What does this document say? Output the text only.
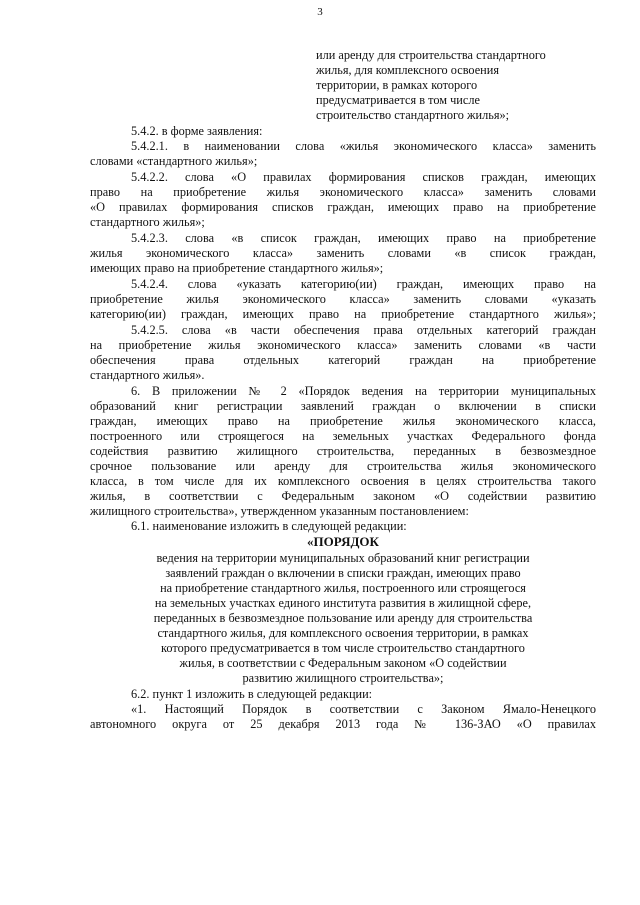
3
или аренду для строительства стандартного
жилья, для комплексного освоения
территории, в рамках которого
предусматривается в том числе
строительство стандартного жилья»;
5.4.2. в форме заявления:
5.4.2.1. в наименовании слова «жилья экономического класса» заменить
словами «стандартного жилья»;
5.4.2.2. слова «О правилах формирования списков граждан, имеющих
право на приобретение жилья экономического класса» заменить словами
«О правилах формирования списков граждан, имеющих право на приобретение
стандартного жилья»;
5.4.2.3. слова «в список граждан, имеющих право на приобретение
жилья экономического класса» заменить словами «в список граждан,
имеющих право на приобретение стандартного жилья»;
5.4.2.4. слова «указать категорию(ии) граждан, имеющих право на
приобретение жилья экономического класса» заменить словами «указать
категорию(ии) граждан, имеющих право на приобретение стандартного жилья»;
5.4.2.5. слова «в части обеспечения права отдельных категорий граждан
на приобретение жилья экономического класса» заменить словами «в части
обеспечения права отдельных категорий граждан на приобретение
стандартного жилья».
6. В приложении № 2 «Порядок ведения на территории муниципальных
образований книг регистрации заявлений граждан о включении в списки
граждан, имеющих право на приобретение жилья экономического класса,
построенного или строящегося на земельных участках Федерального фонда
содействия развитию жилищного строительства, переданных в безвозмездное
срочное пользование или аренду для строительства жилья экономического
класса, в том числе для их комплексного освоения в целях строительства такого
жилья, в соответствии с Федеральным законом «О содействии развитию
жилищного строительства», утвержденном указанным постановлением:
6.1. наименование изложить в следующей редакции:
«ПОРЯДОК
ведения на территории муниципальных образований книг регистрации
заявлений граждан о включении в списки граждан, имеющих право
на приобретение стандартного жилья, построенного или строящегося
на земельных участках единого института развития в жилищной сфере,
переданных в безвозмездное пользование или аренду для строительства
стандартного жилья, для комплексного освоения территории, в рамках
которого предусматривается в том числе строительство стандартного
жилья, в соответствии с Федеральным законом «О содействии
развитию жилищного строительства»;
6.2. пункт 1 изложить в следующей редакции:
«1. Настоящий Порядок в соответствии с Законом Ямало-Ненецкого
автономного округа от 25 декабря 2013 года № 136-ЗАО «О правилах
